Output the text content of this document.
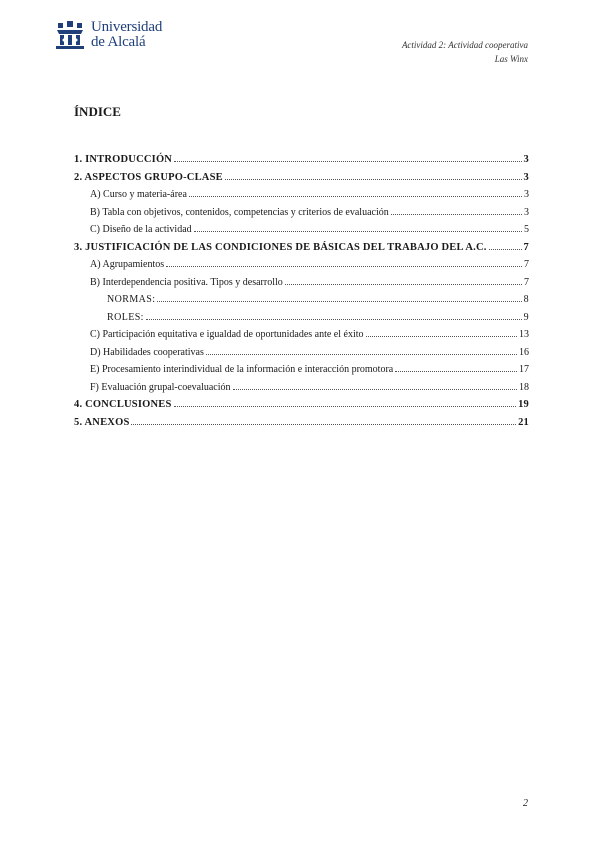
Universidad
de Alcalá	Actividad 2: Actividad cooperativa
Las Winx
ÍNDICE
1. INTRODUCCIÓN	3
2. ASPECTOS GRUPO-CLASE	3
A) Curso y materia-área	3
B) Tabla con objetivos, contenidos, competencias y criterios de evaluación	3
C) Diseño de la actividad	5
3. JUSTIFICACIÓN DE LAS CONDICIONES DE BÁSICAS DEL TRABAJO DEL A.C.	7
A) Agrupamientos	7
B) Interdependencia positiva. Tipos y desarrollo	7
NORMAS:	8
ROLES:	9
C) Participación equitativa e igualdad de oportunidades ante el éxito	13
D) Habilidades cooperativas	16
E) Procesamiento interindividual de la información e interacción promotora	17
F) Evaluación grupal-coevaluación	18
4. CONCLUSIONES	19
5. ANEXOS	21
2
